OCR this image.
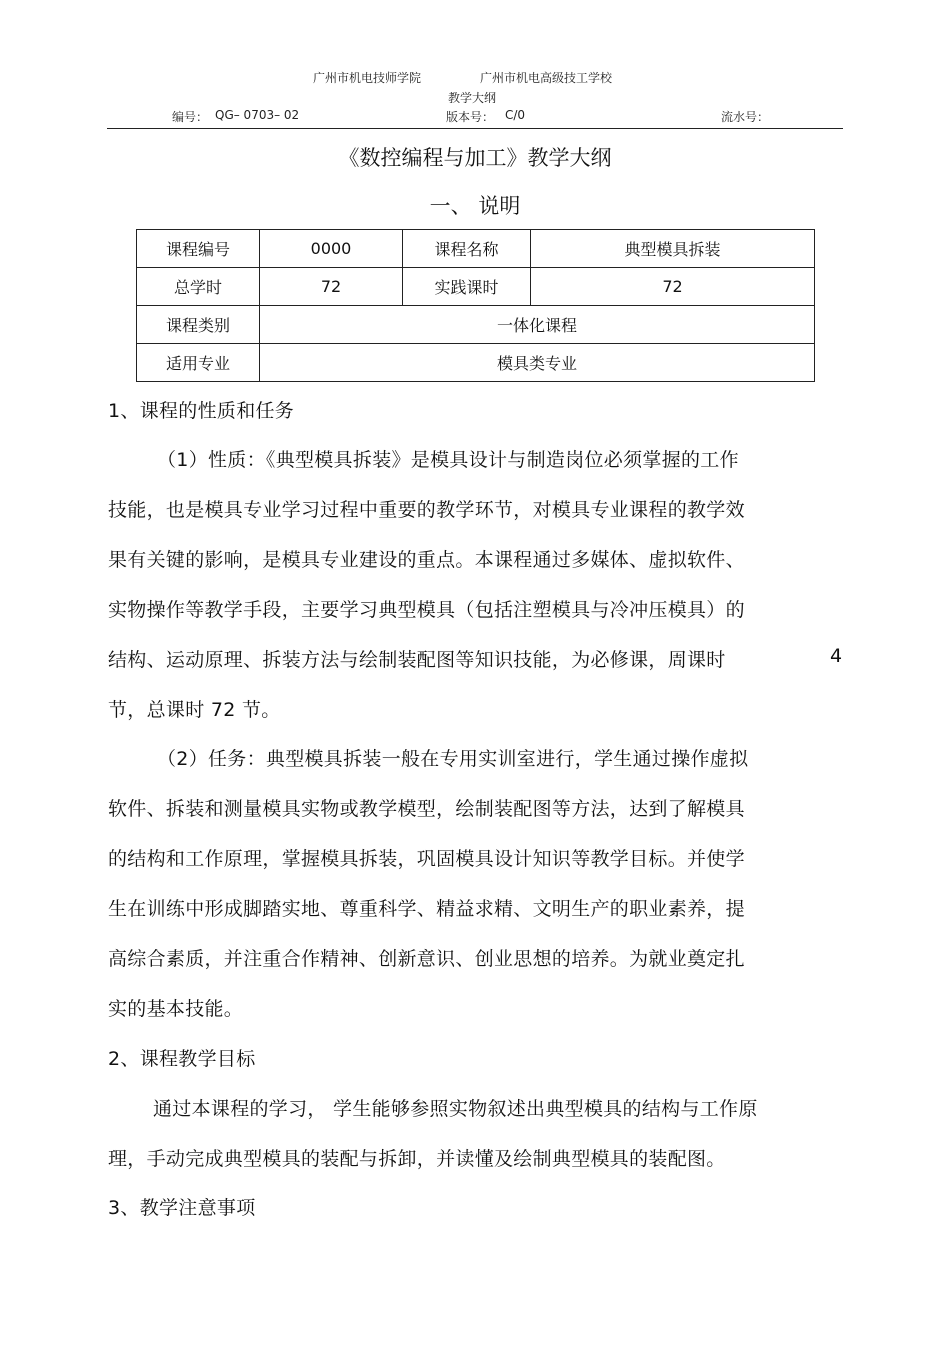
广州市机电技师学院	广州市机电高级技工学校
教学大纲
编号： QG– 0703– 02	版本号： C/0	流水号：
《数控编程与加工》教学大纲
一、 说明
课程编号	0000	课程名称	典型模具拆装
总学时	72	实践课时	72
课程类别	一体化课程		
适用专业	模具类专业		
1、课程的性质和任务
（1）性质：《典型模具拆装》是模具设计与制造岗位必须掌握的工作
技能，也是模具专业学习过程中重要的教学环节，对模具专业课程的教学效
果有关键的影响，是模具专业建设的重点。本课程通过多媒体、虚拟软件、
实物操作等教学手段，主要学习典型模具（包括注塑模具与冷冲压模具）的
结构、运动原理、拆装方法与绘制装配图等知识技能，为必修课，周课时	4
节，总课时 72 节。
（2）任务：典型模具拆装一般在专用实训室进行，学生通过操作虚拟
软件、拆装和测量模具实物或教学模型，绘制装配图等方法，达到了解模具
的结构和工作原理，掌握模具拆装，巩固模具设计知识等教学目标。并使学
生在训练中形成脚踏实地、尊重科学、精益求精、文明生产的职业素养，提
高综合素质，并注重合作精神、创新意识、创业思想的培养。为就业奠定扎
实的基本技能。
2、课程教学目标
通过本课程的学习， 学生能够参照实物叙述出典型模具的结构与工作原
理，手动完成典型模具的装配与拆卸，并读懂及绘制典型模具的装配图。
3、教学注意事项
